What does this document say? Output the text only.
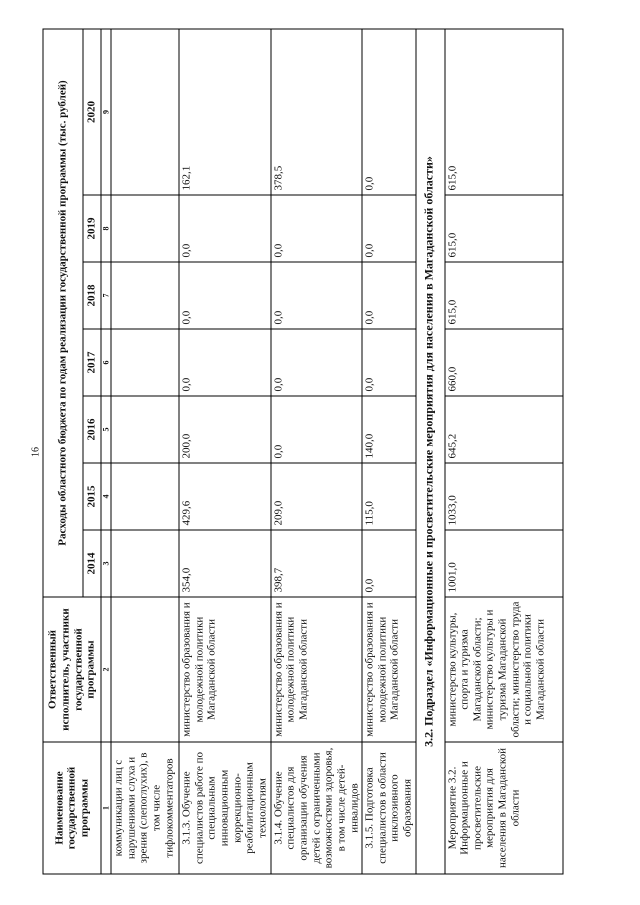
16
Наименование государственной программы	Ответственный исполнитель, участники государственной программы	Расходы областного бюджета по годам реализации государственной программы (тыс. рублей)						
		2014	2015	2016	2017	2018	2019	2020
1	2	3	4	5	6	7	8	9
коммуникации лиц с нарушениями слуха и зрения (слепоглухих), в том числе тифлокомментаторов								
3.1.3. Обучение специалистов работе по специальным инновационным коррекционно-реабилитационным технологиям	министерство образования и молодежной политики Магаданской области	354,0	429,6	200,0	0,0	0,0	0,0	162,1
3.1.4. Обучение специалистов для организации обучения детей с ограниченными возможностями здоровья, в том числе детей-инвалидов	министерство образования и молодежной политики Магаданской области	398,7	209,0	0,0	0,0	0,0	0,0	378,5
3.1.5. Подготовка специалистов в области инклюзивного образования	министерство образования и молодежной политики Магаданской области	0,0	115,0	140,0	0,0	0,0	0,0	0,0
3.2. Подраздел «Информационные и просветительские мероприятия для населения в Магаданской области»								
Мероприятие 3.2. Информационные и просветительские мероприятия для населения в Магаданской области	министерство культуры, спорта и туризма Магаданской области; министерство культуры и туризма Магаданской области; министерство труда и социальной политики Магаданской области	1001,0	1033,0	645,2	660,0	615,0	615,0	615,0
